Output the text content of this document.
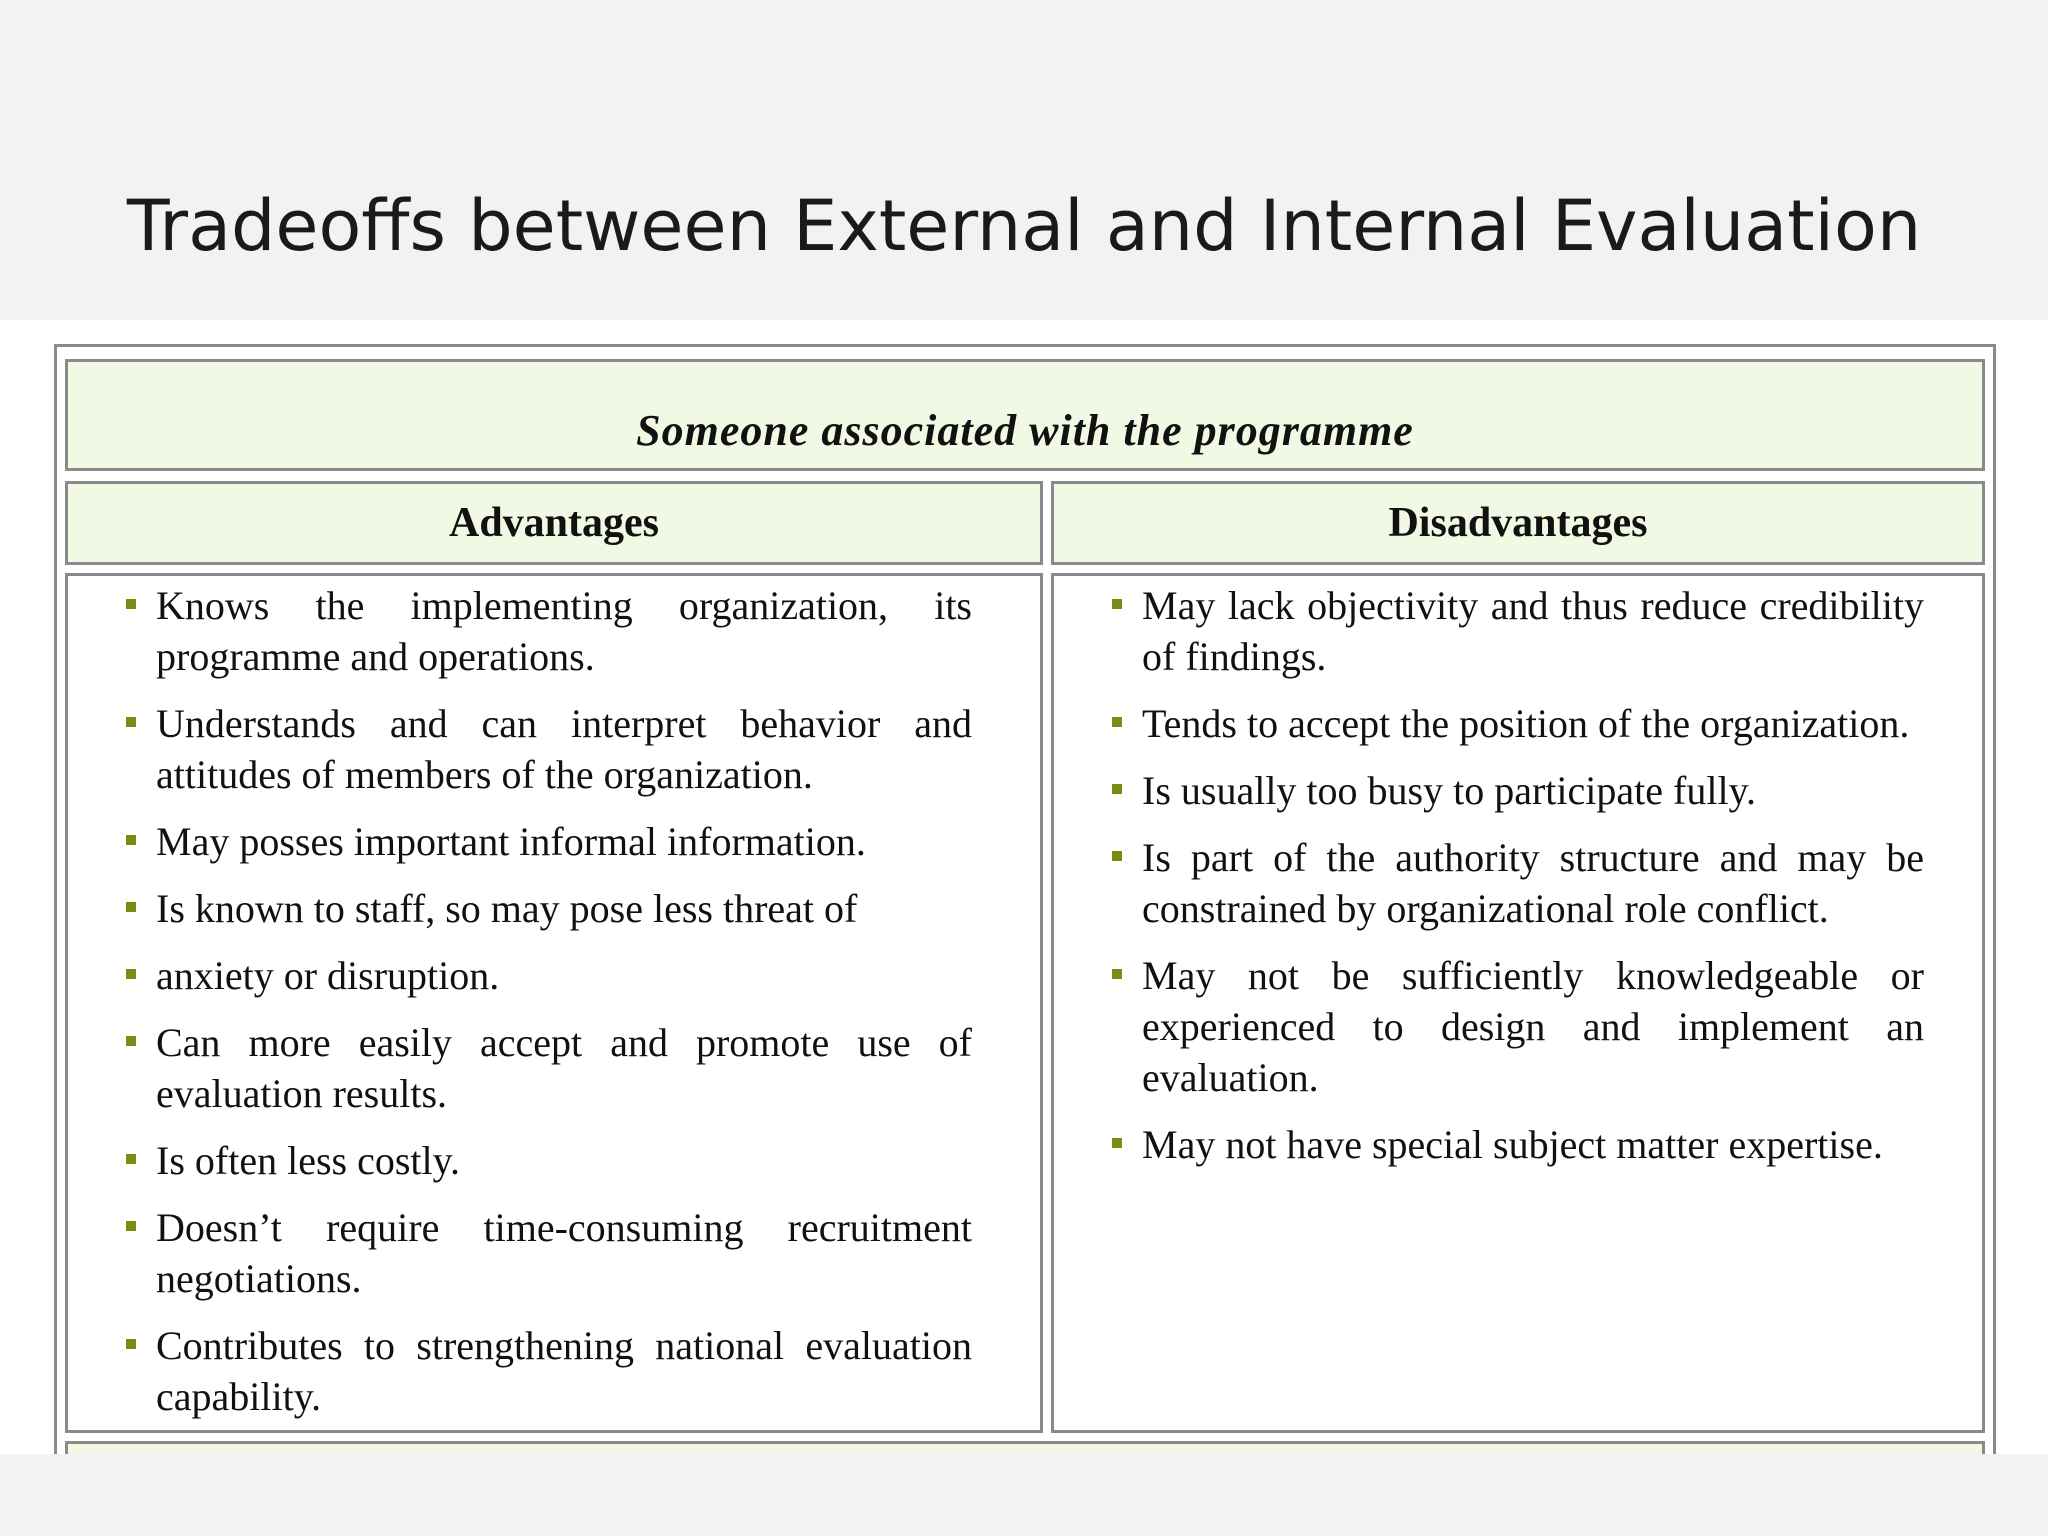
Tradeoffs between External and Internal Evaluation
Someone associated with the programme
Advantages	Disadvantages
Knows the implementing organization, its programme and operations.
Understands and can interpret behavior and attitudes of members of the organization.
May posses important informal information.
Is known to staff, so may pose less threat of
anxiety or disruption.
Can more easily accept and promote use of evaluation results.
Is often less costly.
Doesn’t require time-consuming recruitment negotiations.
Contributes to strengthening national evaluation capability.
May lack objectivity and thus reduce credibility of findings.
Tends to accept the position of the organization.
Is usually too busy to participate fully.
Is part of the authority structure and may be constrained by organizational role conflict.
May not be sufficiently knowledgeable or experienced to design and implement an evaluation.
May not have special subject matter expertise.
